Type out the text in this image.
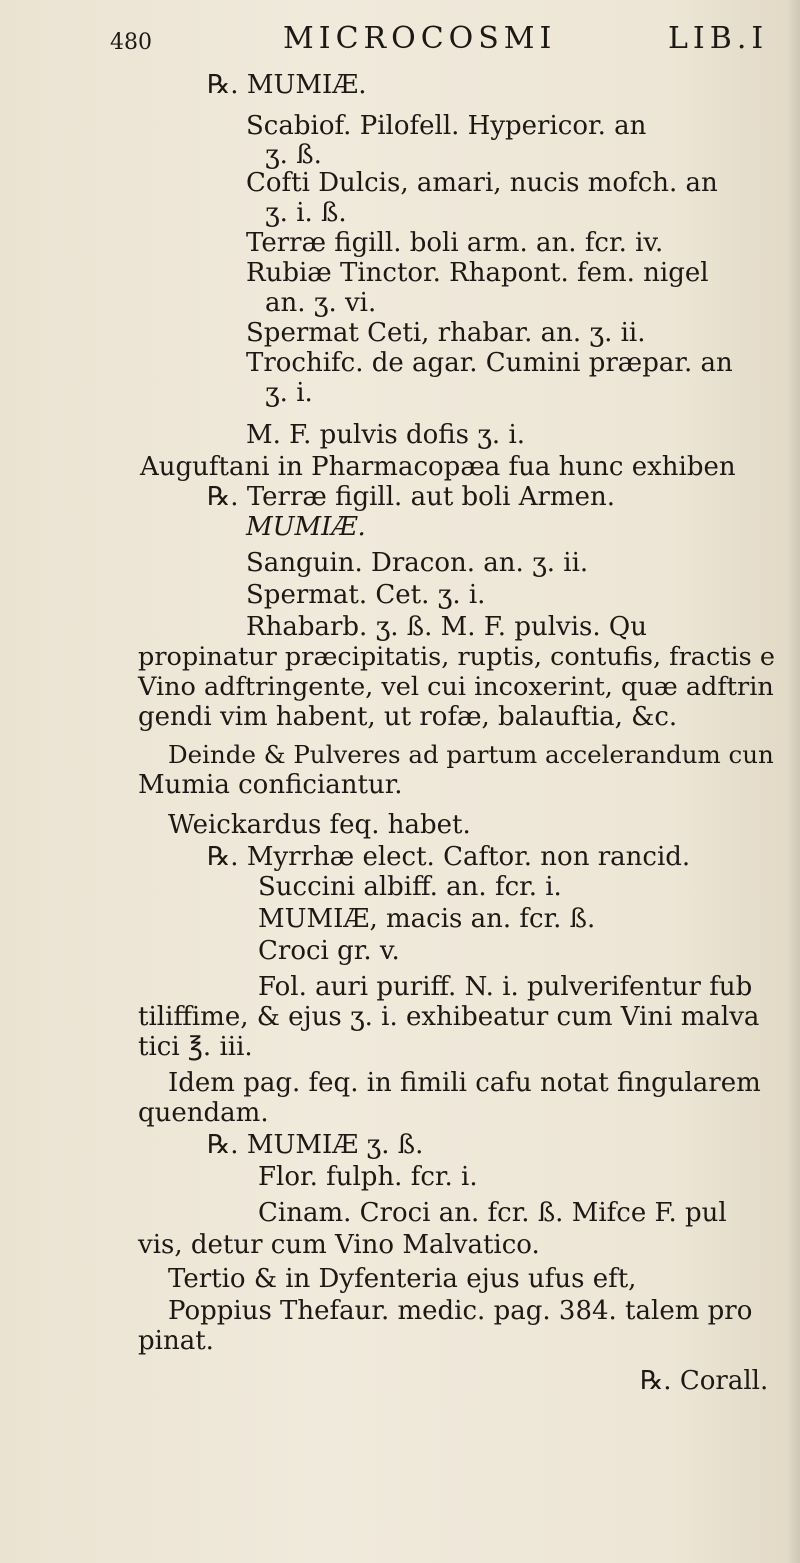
480	MICROCOSMI	LIB.I
℞. MUMIÆ.
Scabiof. Pilofell. Hypericor. an
ʒ. ß.
Cofti Dulcis, amari, nucis mofch. an
ʒ. i. ß.
Terræ figill. boli arm. an. fcr. iv.
Rubiæ Tinctor. Rhapont. fem. nigel
an. ʒ. vi.
Spermat Ceti, rhabar. an. ʒ. ii.
Trochifc. de agar. Cumini præpar. an
ʒ. i.
M. F. pulvis dofis ʒ. i.
Auguftani in Pharmacopæa fua hunc exhiben
℞. Terræ figill. aut boli Armen.
MUMIÆ.
Sanguin. Dracon. an. ʒ. ii.
Spermat. Cet. ʒ. i.
Rhabarb. ʒ. ß. M. F. pulvis. Qu
propinatur præcipitatis, ruptis, contufis, fractis e
Vino adftringente, vel cui incoxerint, quæ adftrin
gendi vim habent, ut rofæ, balauftia, &c.
Deinde & Pulveres ad partum accelerandum cun
Mumia conficiantur.
Weickardus feq. habet.
℞. Myrrhæ elect. Caftor. non rancid.
Succini albiff. an. fcr. i.
MUMIÆ, macis an. fcr. ß.
Croci gr. v.
Fol. auri puriff. N. i. pulverifentur fub
tiliffime, & ejus ʒ. i. exhibeatur cum Vini malva
tici ℥. iii.
Idem pag. feq. in fimili cafu notat fingularem
quendam.
℞. MUMIÆ ʒ. ß.
Flor. fulph. fcr. i.
Cinam. Croci an. fcr. ß. Mifce F. pul
vis, detur cum Vino Malvatico.
Tertio & in Dyfenteria ejus ufus eft,
Poppius Thefaur. medic. pag. 384. talem pro
pinat.
℞. Corall.
